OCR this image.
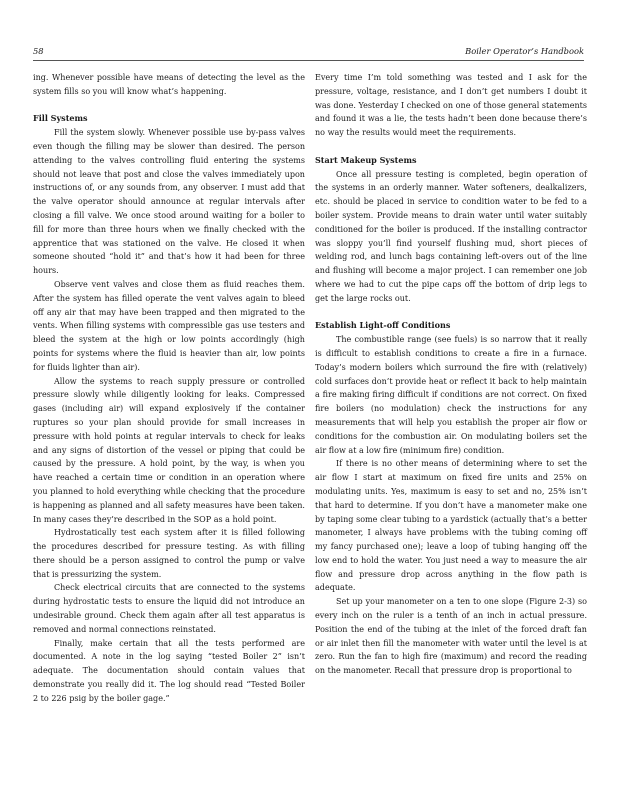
58	Boiler Operator’s Handbook

ing. Whenever possible have means of detecting the level as the system fills so you will know what’s happening.

Fill Systems

Fill the system slowly. Whenever possible use by-pass valves even though the filling may be slower than desired. The person attending to the valves controlling fluid entering the systems should not leave that post and close the valves immediately upon instructions of, or any sounds from, any observer. I must add that the valve operator should announce at regular intervals after closing a fill valve. We once stood around waiting for a boiler to fill for more than three hours when we finally checked with the apprentice that was stationed on the valve. He closed it when someone shouted “hold it” and that’s how it had been for three hours.

Observe vent valves and close them as fluid reaches them. After the system has filled operate the vent valves again to bleed off any air that may have been trapped and then migrated to the vents. When filling systems with compressible gas use testers and bleed the system at the high or low points accordingly (high points for systems where the fluid is heavier than air, low points for fluids lighter than air).

Allow the systems to reach supply pressure or controlled pressure slowly while diligently looking for leaks. Compressed gases (including air) will expand explosively if the container ruptures so your plan should provide for small increases in pressure with hold points at regular intervals to check for leaks and any signs of distortion of the vessel or piping that could be caused by the pressure. A hold point, by the way, is when you have reached a certain time or condition in an operation where you planned to hold everything while checking that the procedure is happening as planned and all safety measures have been taken. In many cases they’re described in the SOP as a hold point.

Hydrostatically test each system after it is filled following the procedures described for pressure testing. As with filling there should be a person assigned to control the pump or valve that is pressurizing the system.

Check electrical circuits that are connected to the systems during hydrostatic tests to ensure the liquid did not introduce an undesirable ground. Check them again after all test apparatus is removed and normal connections reinstated.

Finally, make certain that all the tests performed are documented. A note in the log saying “tested Boiler 2” isn’t adequate. The documentation should contain values that demonstrate you really did it. The log should read “Tested Boiler 2 to 226 psig by the boiler gage.”

Every time I’m told something was tested and I ask for the pressure, voltage, resistance, and I don’t get numbers I doubt it was done. Yesterday I checked on one of those general statements and found it was a lie, the tests hadn’t been done because there’s no way the results would meet the requirements.

Start Makeup Systems

Once all pressure testing is completed, begin operation of the systems in an orderly manner. Water softeners, dealkalizers, etc. should be placed in service to condition water to be fed to a boiler system. Provide means to drain water until water suitably conditioned for the boiler is produced. If the installing contractor was sloppy you’ll find yourself flushing mud, short pieces of welding rod, and lunch bags containing left-overs out of the line and flushing will become a major project. I can remember one job where we had to cut the pipe caps off the bottom of drip legs to get the large rocks out.

Establish Light-off Conditions

The combustible range (see fuels) is so narrow that it really is difficult to establish conditions to create a fire in a furnace. Today’s modern boilers which surround the fire with (relatively) cold surfaces don’t provide heat or reflect it back to help maintain a fire making firing difficult if conditions are not correct. On fixed fire boilers (no modulation) check the instructions for any measurements that will help you establish the proper air flow or conditions for the combustion air. On modulating boilers set the air flow at a low fire (minimum fire) condition.

If there is no other means of determining where to set the air flow I start at maximum on fixed fire units and 25% on modulating units. Yes, maximum is easy to set and no, 25% isn’t that hard to determine. If you don’t have a manometer make one by taping some clear tubing to a yardstick (actually that’s a better manometer, I always have problems with the tubing coming off my fancy purchased one); leave a loop of tubing hanging off the low end to hold the water. You just need a way to measure the air flow and pressure drop across anything in the flow path is adequate.

Set up your manometer on a ten to one slope (Figure 2-3) so every inch on the ruler is a tenth of an inch in actual pressure. Position the end of the tubing at the inlet of the forced draft fan or air inlet then fill the manometer with water until the level is at zero. Run the fan to high fire (maximum) and record the reading on the manometer. Recall that pressure drop is proportional to
